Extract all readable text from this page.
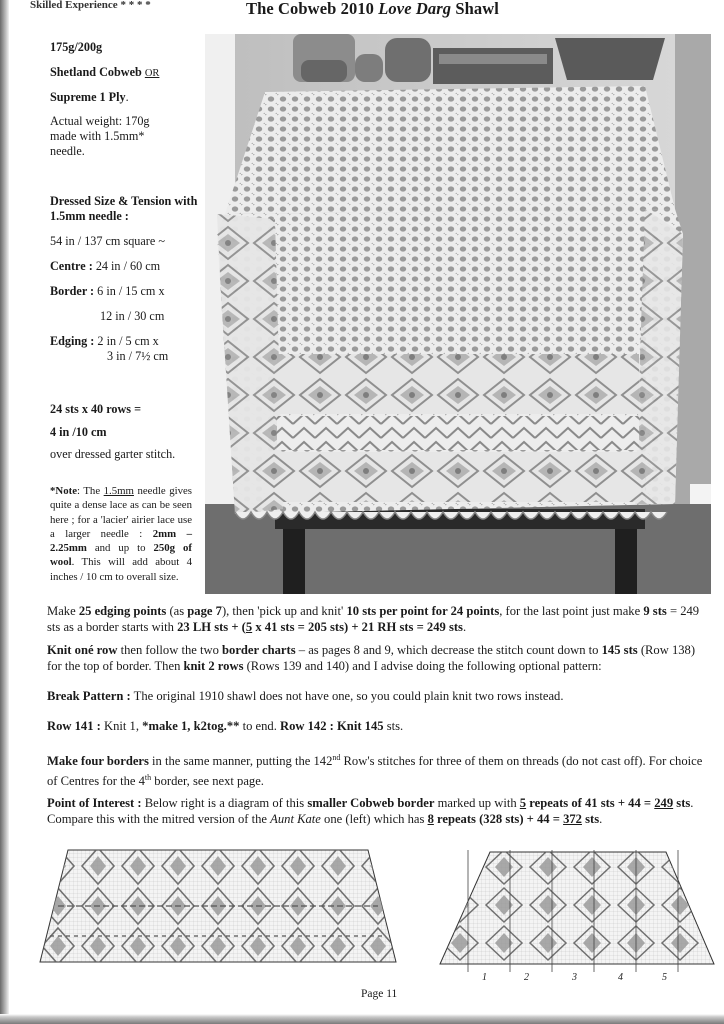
Skilled Experience * * * *	The Cobweb 2010 Love Darg Shawl

175g/200g

Shetland Cobweb OR

Supreme 1 Ply.

Actual weight: 170g made with 1.5mm* needle.

Dressed Size & Tension with 1.5mm needle :

54 in / 137 cm square ~

Centre : 24 in / 60 cm

Border : 6 in / 15 cm x

12 in / 30 cm

Edging : 2 in / 5 cm x

3 in / 7½ cm

24 sts x 40 rows =

4 in /10 cm

over dressed garter stitch.

*Note: The 1.5mm needle gives quite a dense lace as can be seen here ; for a 'lacier' airier lace use a larger needle : 2mm – 2.25mm and up to 250g of wool. This will add about 4 inches / 10 cm to overall size.

Make 25 edging points (as page 7), then 'pick up and knit' 10 sts per point for 24 points, for the last point just make 9 sts = 249 sts as a border starts with 23 LH sts + (5 x 41 sts = 205 sts) + 21 RH sts = 249 sts.
Knit oné row then follow the two border charts – as pages 8 and 9, which decrease the stitch count down to 145 sts (Row 138) for the top of border. Then knit 2 rows (Rows 139 and 140) and I advise doing the following optional pattern:
Break Pattern : The original 1910 shawl does not have one, so you could plain knit two rows instead.
Row 141 : Knit 1, *make 1, k2tog.** to end. Row 142 : Knit 145 sts.
Make four borders in the same manner, putting the 142nd Row's stitches for three of them on threads (do not cast off). For choice of Centres for the 4th border, see next page.
Point of Interest : Below right is a diagram of this smaller Cobweb border marked up with 5 repeats of 41 sts + 44 = 249 sts. Compare this with the mitred version of the Aunt Kate one (left) which has 8 repeats (328 sts) + 44 = 372 sts.
1	2	3	4	5
Page 11
